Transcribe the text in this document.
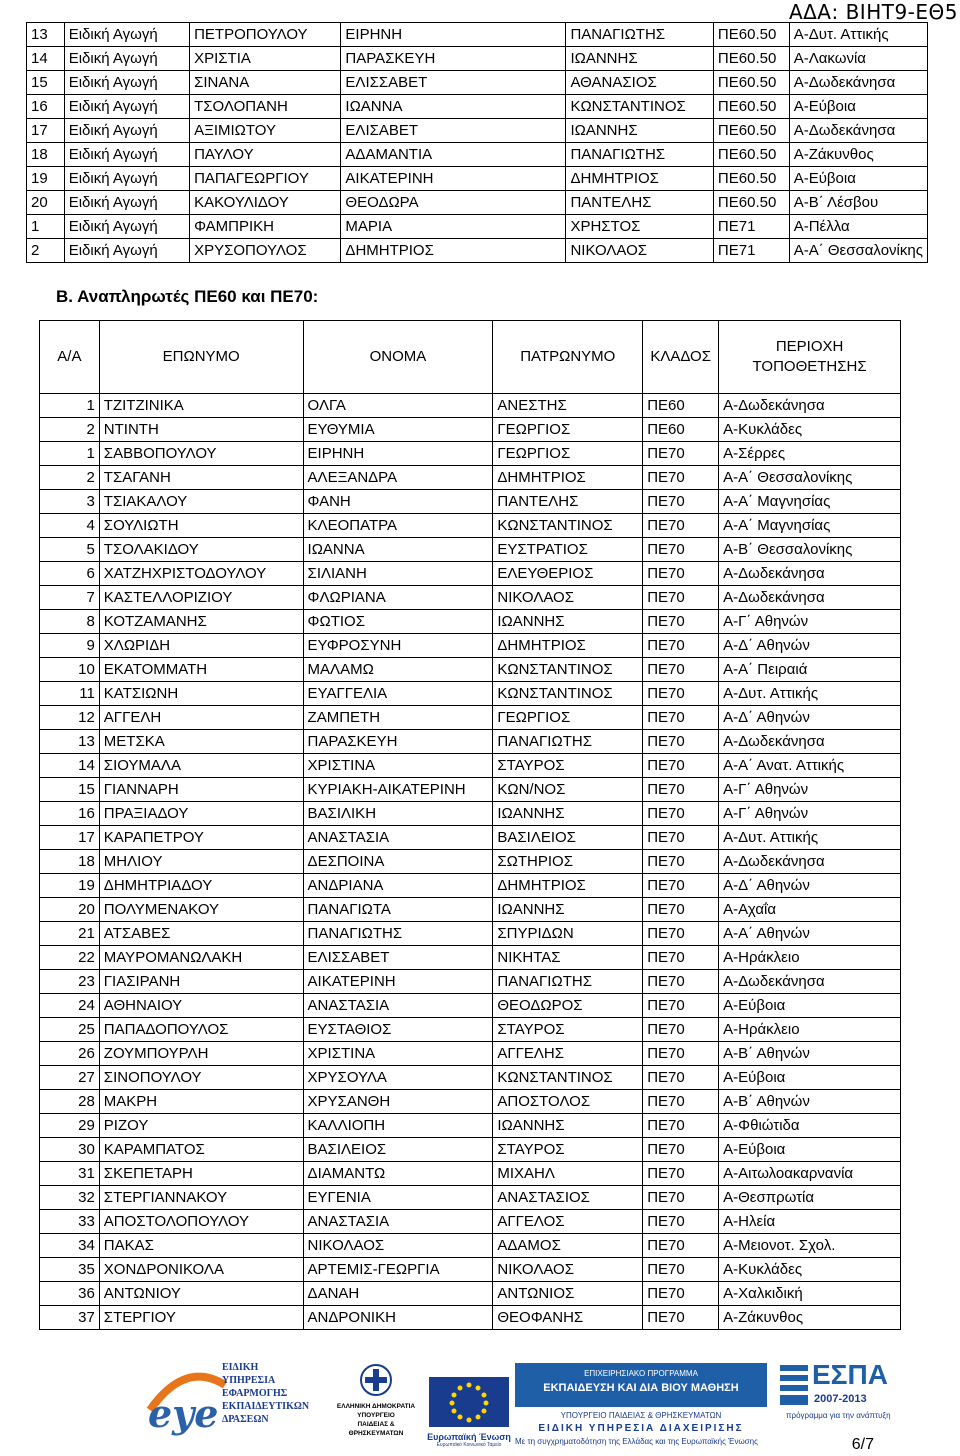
ΑΔΑ: ΒΙΗΤ9-ΕΘ5
13	Ειδική Αγωγή	ΠΕΤΡΟΠΟΥΛΟΥ	ΕΙΡΗΝΗ	ΠΑΝΑΓΙΩΤΗΣ	ΠΕ60.50	Α-Δυτ. Αττικής
14	Ειδική Αγωγή	ΧΡΙΣΤΙΑ	ΠΑΡΑΣΚΕΥΗ	ΙΩΑΝΝΗΣ	ΠΕ60.50	Α-Λακωνία
15	Ειδική Αγωγή	ΣΙΝΑΝΑ	ΕΛΙΣΣΑΒΕΤ	ΑΘΑΝΑΣΙΟΣ	ΠΕ60.50	Α-Δωδεκάνησα
16	Ειδική Αγωγή	ΤΣΟΛΟΠΑΝΗ	ΙΩΑΝΝΑ	ΚΩΝΣΤΑΝΤΙΝΟΣ	ΠΕ60.50	Α-Εύβοια
17	Ειδική Αγωγή	ΑΞΙΜΙΩΤΟΥ	ΕΛΙΣΑΒΕΤ	ΙΩΑΝΝΗΣ	ΠΕ60.50	Α-Δωδεκάνησα
18	Ειδική Αγωγή	ΠΑΥΛΟΥ	ΑΔΑΜΑΝΤΙΑ	ΠΑΝΑΓΙΩΤΗΣ	ΠΕ60.50	Α-Ζάκυνθος
19	Ειδική Αγωγή	ΠΑΠΑΓΕΩΡΓΙΟΥ	ΑΙΚΑΤΕΡΙΝΗ	ΔΗΜΗΤΡΙΟΣ	ΠΕ60.50	Α-Εύβοια
20	Ειδική Αγωγή	ΚΑΚΟΥΛΙΔΟΥ	ΘΕΟΔΩΡΑ	ΠΑΝΤΕΛΗΣ	ΠΕ60.50	Α-Β΄ Λέσβου
1	Ειδική Αγωγή	ΦΑΜΠΡΙΚΗ	ΜΑΡΙΑ	ΧΡΗΣΤΟΣ	ΠΕ71	Α-Πέλλα
2	Ειδική Αγωγή	ΧΡΥΣΟΠΟΥΛΟΣ	ΔΗΜΗΤΡΙΟΣ	ΝΙΚΟΛΑΟΣ	ΠΕ71	Α-Α΄ Θεσσαλονίκης
Β. Αναπληρωτές ΠΕ60 και ΠΕ70:
Α/Α	ΕΠΩΝΥΜΟ	ΟΝΟΜΑ	ΠΑΤΡΩΝΥΜΟ	ΚΛΑΔΟΣ	ΠΕΡΙΟΧΗ ΤΟΠΟΘΕΤΗΣΗΣ
1	ΤΖΙΤΖΙΝΙΚΑ	ΟΛΓΑ	ΑΝΕΣΤΗΣ	ΠΕ60	Α-Δωδεκάνησα
2	ΝΤΙΝΤΗ	ΕΥΘΥΜΙΑ	ΓΕΩΡΓΙΟΣ	ΠΕ60	Α-Κυκλάδες
1	ΣΑΒΒΟΠΟΥΛΟΥ	ΕΙΡΗΝΗ	ΓΕΩΡΓΙΟΣ	ΠΕ70	Α-Σέρρες
2	ΤΣΑΓΑΝΗ	ΑΛΕΞΑΝΔΡΑ	ΔΗΜΗΤΡΙΟΣ	ΠΕ70	Α-Α΄ Θεσσαλονίκης
3	ΤΣΙΑΚΑΛΟΥ	ΦΑΝΗ	ΠΑΝΤΕΛΗΣ	ΠΕ70	Α-Α΄ Μαγνησίας
4	ΣΟΥΛΙΩΤΗ	ΚΛΕΟΠΑΤΡΑ	ΚΩΝΣΤΑΝΤΙΝΟΣ	ΠΕ70	Α-Α΄ Μαγνησίας
5	ΤΣΟΛΑΚΙΔΟΥ	ΙΩΑΝΝΑ	ΕΥΣΤΡΑΤΙΟΣ	ΠΕ70	Α-Β΄ Θεσσαλονίκης
6	ΧΑΤΖΗΧΡΙΣΤΟΔΟΥΛΟΥ	ΣΙΛΙΑΝΗ	ΕΛΕΥΘΕΡΙΟΣ	ΠΕ70	Α-Δωδεκάνησα
7	ΚΑΣΤΕΛΛΟΡΙΖΙΟΥ	ΦΛΩΡΙΑΝΑ	ΝΙΚΟΛΑΟΣ	ΠΕ70	Α-Δωδεκάνησα
8	ΚΟΤΖΑΜΑΝΗΣ	ΦΩΤΙΟΣ	ΙΩΑΝΝΗΣ	ΠΕ70	Α-Γ΄ Αθηνών
9	ΧΛΩΡΙΔΗ	ΕΥΦΡΟΣΥΝΗ	ΔΗΜΗΤΡΙΟΣ	ΠΕ70	Α-Δ΄ Αθηνών
10	ΕΚΑΤΟΜΜΑΤΗ	ΜΑΛΑΜΩ	ΚΩΝΣΤΑΝΤΙΝΟΣ	ΠΕ70	Α-Α΄ Πειραιά
11	ΚΑΤΣΙΩΝΗ	ΕΥΑΓΓΕΛΙΑ	ΚΩΝΣΤΑΝΤΙΝΟΣ	ΠΕ70	Α-Δυτ. Αττικής
12	ΑΓΓΕΛΗ	ΖΑΜΠΕΤΗ	ΓΕΩΡΓΙΟΣ	ΠΕ70	Α-Δ΄ Αθηνών
13	ΜΕΤΣΚΑ	ΠΑΡΑΣΚΕΥΗ	ΠΑΝΑΓΙΩΤΗΣ	ΠΕ70	Α-Δωδεκάνησα
14	ΣΙΟΥΜΑΛΑ	ΧΡΙΣΤΙΝΑ	ΣΤΑΥΡΟΣ	ΠΕ70	Α-Α΄ Ανατ. Αττικής
15	ΓΙΑΝΝΑΡΗ	ΚΥΡΙΑΚΗ-ΑΙΚΑΤΕΡΙΝΗ	ΚΩΝ/ΝΟΣ	ΠΕ70	Α-Γ΄ Αθηνών
16	ΠΡΑΞΙΑΔΟΥ	ΒΑΣΙΛΙΚΗ	ΙΩΑΝΝΗΣ	ΠΕ70	Α-Γ΄ Αθηνών
17	ΚΑΡΑΠΕΤΡΟΥ	ΑΝΑΣΤΑΣΙΑ	ΒΑΣΙΛΕΙΟΣ	ΠΕ70	Α-Δυτ. Αττικής
18	ΜΗΛΙΟΥ	ΔΕΣΠΟΙΝΑ	ΣΩΤΗΡΙΟΣ	ΠΕ70	Α-Δωδεκάνησα
19	ΔΗΜΗΤΡΙΑΔΟΥ	ΑΝΔΡΙΑΝΑ	ΔΗΜΗΤΡΙΟΣ	ΠΕ70	Α-Δ΄ Αθηνών
20	ΠΟΛΥΜΕΝΑΚΟΥ	ΠΑΝΑΓΙΩΤΑ	ΙΩΑΝΝΗΣ	ΠΕ70	Α-Αχαΐα
21	ΑΤΣΑΒΕΣ	ΠΑΝΑΓΙΩΤΗΣ	ΣΠΥΡΙΔΩΝ	ΠΕ70	Α-Α΄ Αθηνών
22	ΜΑΥΡΟΜΑΝΩΛΑΚΗ	ΕΛΙΣΣΑΒΕΤ	ΝΙΚΗΤΑΣ	ΠΕ70	Α-Ηράκλειο
23	ΓΙΑΣΙΡΑΝΗ	ΑΙΚΑΤΕΡΙΝΗ	ΠΑΝΑΓΙΩΤΗΣ	ΠΕ70	Α-Δωδεκάνησα
24	ΑΘΗΝΑΙΟΥ	ΑΝΑΣΤΑΣΙΑ	ΘΕΟΔΩΡΟΣ	ΠΕ70	Α-Εύβοια
25	ΠΑΠΑΔΟΠΟΥΛΟΣ	ΕΥΣΤΑΘΙΟΣ	ΣΤΑΥΡΟΣ	ΠΕ70	Α-Ηράκλειο
26	ΖΟΥΜΠΟΥΡΛΗ	ΧΡΙΣΤΙΝΑ	ΑΓΓΕΛΗΣ	ΠΕ70	Α-Β΄ Αθηνών
27	ΣΙΝΟΠΟΥΛΟΥ	ΧΡΥΣΟΥΛΑ	ΚΩΝΣΤΑΝΤΙΝΟΣ	ΠΕ70	Α-Εύβοια
28	ΜΑΚΡΗ	ΧΡΥΣΑΝΘΗ	ΑΠΟΣΤΟΛΟΣ	ΠΕ70	Α-Β΄ Αθηνών
29	ΡΙΖΟΥ	ΚΑΛΛΙΟΠΗ	ΙΩΑΝΝΗΣ	ΠΕ70	Α-Φθιώτιδα
30	ΚΑΡΑΜΠΑΤΟΣ	ΒΑΣΙΛΕΙΟΣ	ΣΤΑΥΡΟΣ	ΠΕ70	Α-Εύβοια
31	ΣΚΕΠΕΤΑΡΗ	ΔΙΑΜΑΝΤΩ	ΜΙΧΑΗΛ	ΠΕ70	Α-Αιτωλοακαρνανία
32	ΣΤΕΡΓΙΑΝΝΑΚΟΥ	ΕΥΓΕΝΙΑ	ΑΝΑΣΤΑΣΙΟΣ	ΠΕ70	Α-Θεσπρωτία
33	ΑΠΟΣΤΟΛΟΠΟΥΛΟΥ	ΑΝΑΣΤΑΣΙΑ	ΑΓΓΕΛΟΣ	ΠΕ70	Α-Ηλεία
34	ΠΑΚΑΣ	ΝΙΚΟΛΑΟΣ	ΑΔΑΜΟΣ	ΠΕ70	Α-Μειονοτ. Σχολ.
35	ΧΟΝΔΡΟΝΙΚΟΛΑ	ΑΡΤΕΜΙΣ-ΓΕΩΡΓΙΑ	ΝΙΚΟΛΑΟΣ	ΠΕ70	Α-Κυκλάδες
36	ΑΝΤΩΝΙΟΥ	ΔΑΝΑΗ	ΑΝΤΩΝΙΟΣ	ΠΕ70	Α-Χαλκιδική
37	ΣΤΕΡΓΙΟΥ	ΑΝΔΡΟΝΙΚΗ	ΘΕΟΦΑΝΗΣ	ΠΕ70	Α-Ζάκυνθος
eye
ΕΙΔΙΚΗ
ΥΠΗΡΕΣΙΑ
ΕΦΑΡΜΟΓΗΣ
ΕΚΠΑΙΔΕΥΤΙΚΩΝ
ΔΡΑΣΕΩΝ
ΕΛΛΗΝΙΚΗ ΔΗΜΟΚΡΑΤΙΑ
ΥΠΟΥΡΓΕΙΟ
ΠΑΙΔΕΙΑΣ &
ΘΡΗΣΚΕΥΜΑΤΩΝ	Ευρωπαϊκή Ένωση
Ευρωπαϊκό Κοινωνικό Ταμείο
ΕΠΙΧΕΙΡΗΣΙΑΚΟ ΠΡΟΓΡΑΜΜΑ
ΕΚΠΑΙΔΕΥΣΗ ΚΑΙ ΔΙΑ ΒΙΟΥ ΜΑΘΗΣΗ
ΥΠΟΥΡΓΕΙΟ ΠΑΙΔΕΙΑΣ & ΘΡΗΣΚΕΥΜΑΤΩΝ
ΕΙΔΙΚΗ ΥΠΗΡΕΣΙΑ ΔΙΑΧΕΙΡΙΣΗΣ
ΕΣΠΑ
2007-2013
πρόγραμμα για την ανάπτυξη
Με τη συγχρηματοδότηση της Ελλάδας και της Ευρωπαϊκής Ένωσης	6/7
